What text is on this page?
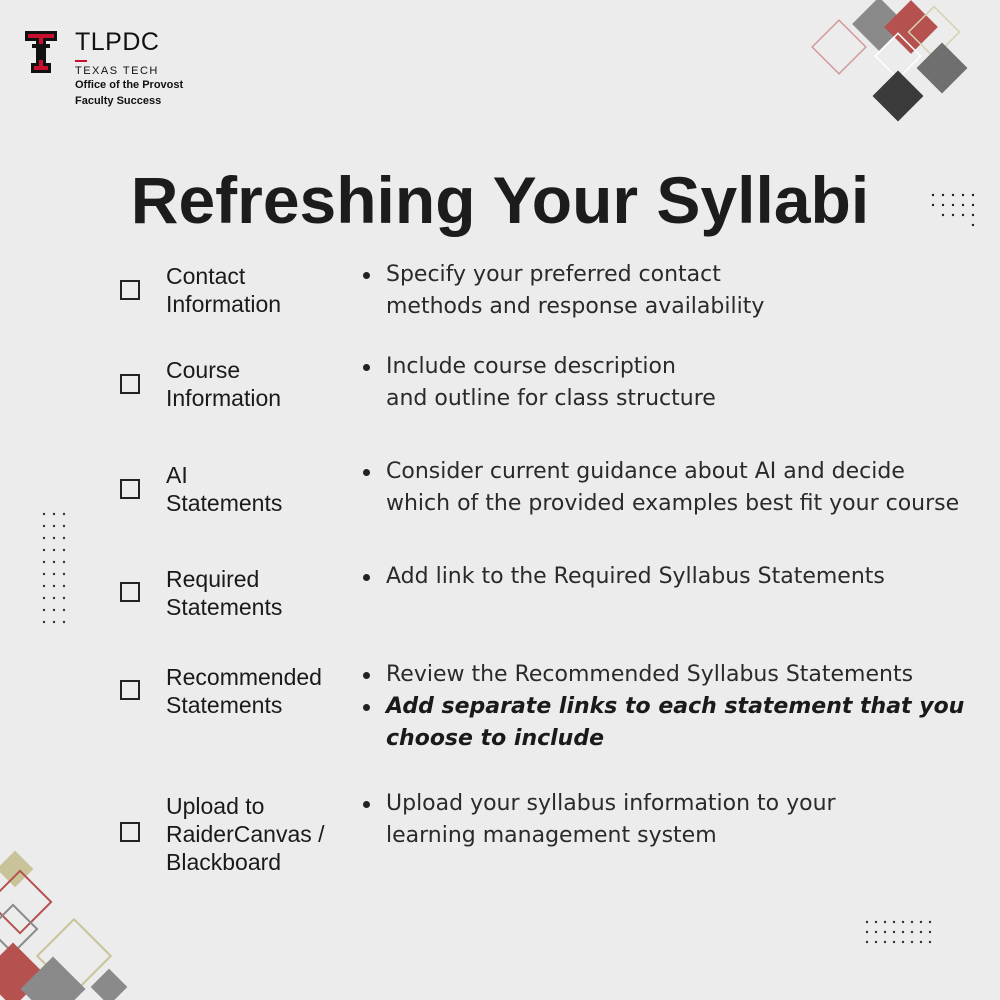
TLPDC
TEXAS TECH
Office of the Provost
Faculty Success
Refreshing Your Syllabi
Contact
Information
Specify your preferred contact
methods and response availability
Course
Information
Include course description
and outline for class structure
AI
Statements
Consider current guidance about AI and decide
which of the provided examples best fit your course
Required
Statements
Add link to the Required Syllabus Statements
Recommended
Statements
Review the Recommended Syllabus Statements
Add separate links to each statement that you
choose to include
Upload to
RaiderCanvas /
Blackboard
Upload your syllabus information to your
learning management system
